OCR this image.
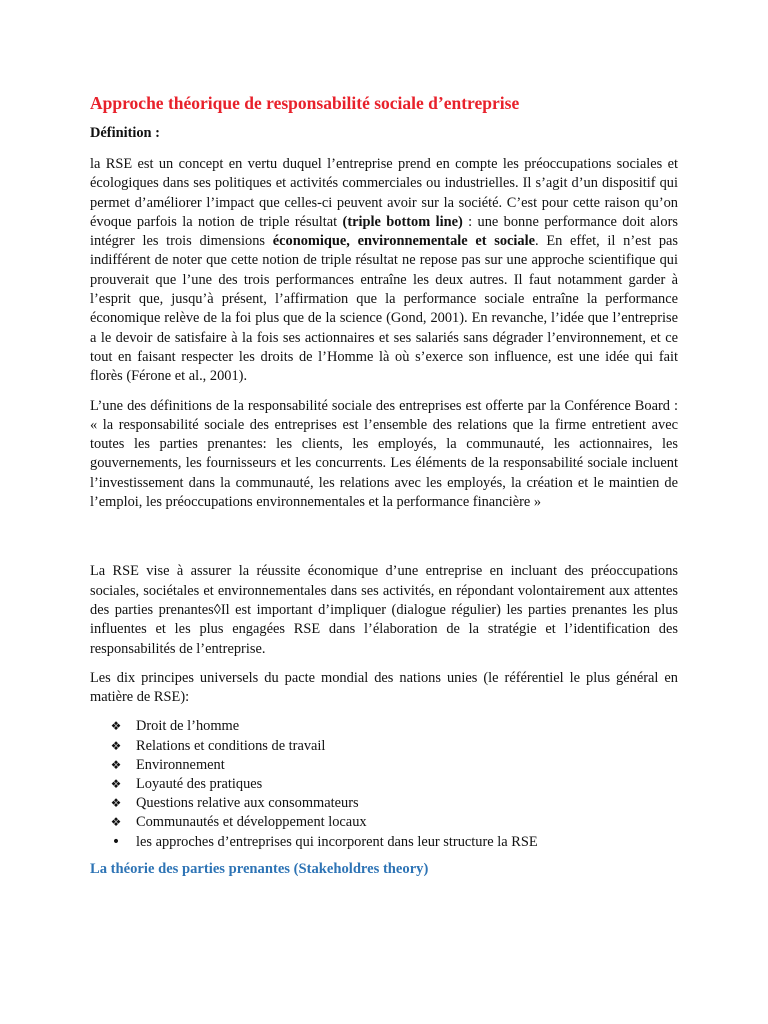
Approche théorique de responsabilité sociale d’entreprise
Définition :

la RSE est un concept en vertu duquel l’entreprise prend en compte les préoccupations sociales et écologiques dans ses politiques et activités commerciales ou industrielles. Il s’agit d’un dispositif qui permet d’améliorer l’impact que celles-ci peuvent avoir sur la société. C’est pour cette raison qu’on évoque parfois la notion de triple résultat (triple bottom line) : une bonne performance doit alors intégrer les trois dimensions économique, environnementale et sociale. En effet, il n’est pas indifférent de noter que cette notion de triple résultat ne repose pas sur une approche scientifique qui prouverait que l’une des trois performances entraîne les deux autres. Il faut notamment garder à l’esprit que, jusqu’à présent, l’affirmation que la performance sociale entraîne la performance économique relève de la foi plus que de la science (Gond, 2001). En revanche, l’idée que l’entreprise a le devoir de satisfaire à la fois ses actionnaires et ses salariés sans dégrader l’environnement, et ce tout en faisant respecter les droits de l’Homme là où s’exerce son influence, est une idée qui fait florès (Férone et al., 2001).

L’une des définitions de la responsabilité sociale des entreprises est offerte par la Conférence Board : « la responsabilité sociale des entreprises est l’ensemble des relations que la firme entretient avec toutes les parties prenantes: les clients, les employés, la communauté, les actionnaires, les gouvernements, les fournisseurs et les concurrents. Les éléments de la responsabilité sociale incluent l’investissement dans la communauté, les relations avec les employés, la création et le maintien de l’emploi, les préoccupations environnementales et la performance financière »

La RSE vise à assurer la réussite économique d’une entreprise en incluant des préoccupations sociales, sociétales et environnementales dans ses activités, en répondant volontairement aux attentes des parties prenantes◊Il est important d’impliquer (dialogue régulier) les parties prenantes les plus influentes et les plus engagées RSE dans l’élaboration de la stratégie et l’identification des responsabilités de l’entreprise.

Les dix principes universels du pacte mondial des nations unies (le référentiel le plus général en matière de RSE):

❖ Droit de l’homme
❖ Relations et conditions de travail
❖ Environnement
❖ Loyauté des pratiques
❖ Questions relative aux consommateurs
❖ Communautés et développement locaux
• les approches d’entreprises qui incorporent dans leur structure la RSE
La théorie des parties prenantes (Stakeholdres theory)
